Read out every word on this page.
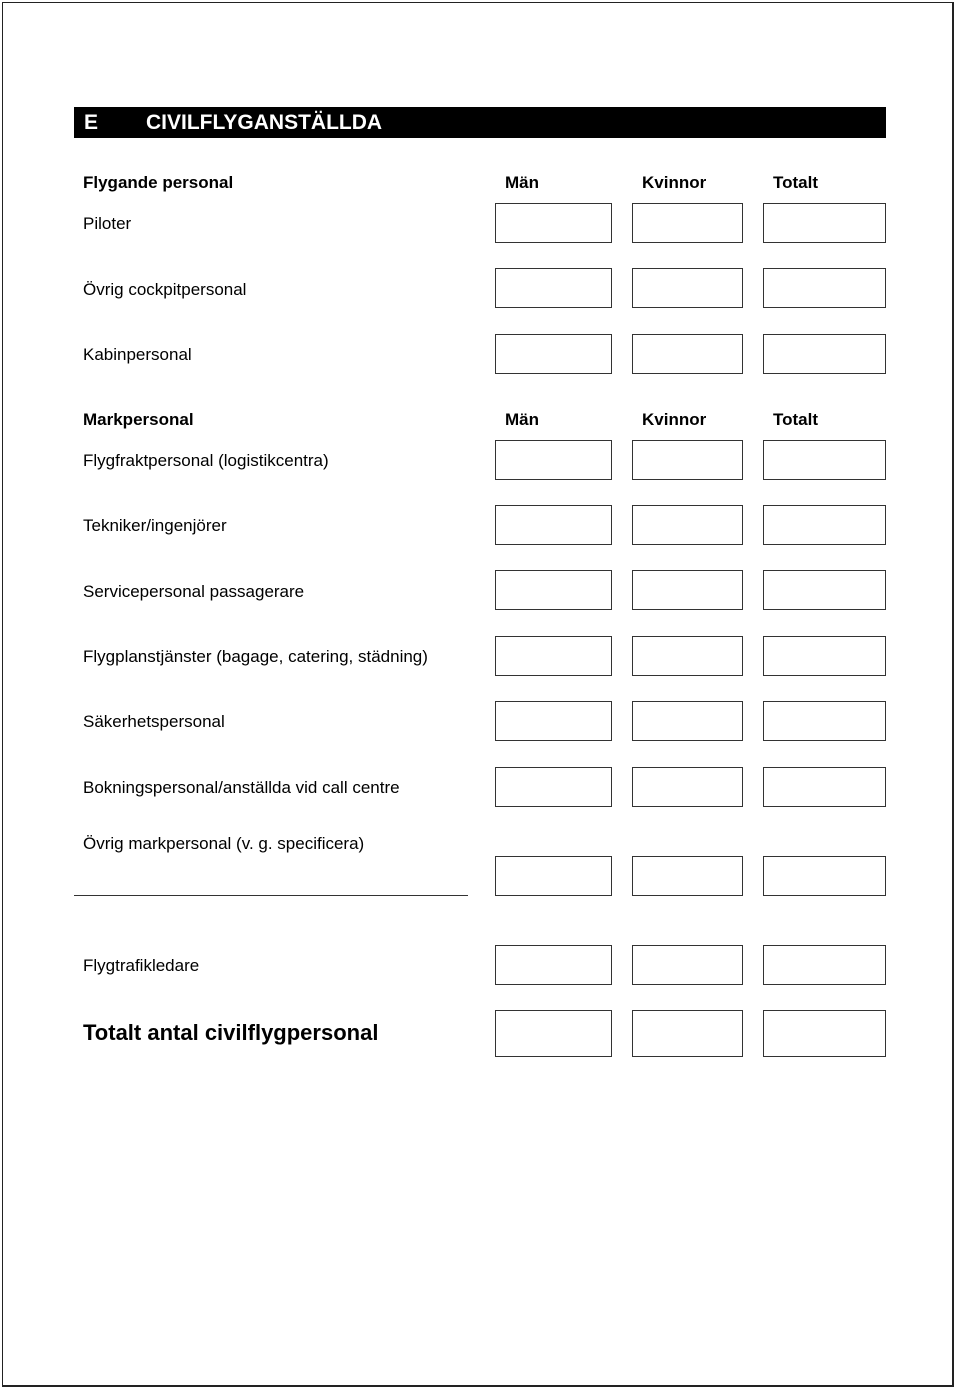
E CIVILFLYGANSTÄLLDA
Flygande personal	Män	Kvinnor	Totalt
Piloter
Övrig cockpitpersonal
Kabinpersonal
Markpersonal	Män	Kvinnor	Totalt
Flygfraktpersonal (logistikcentra)
Tekniker/ingenjörer
Servicepersonal passagerare
Flygplanstjänster (bagage, catering, städning)
Säkerhetspersonal
Bokningspersonal/anställda vid call centre
Övrig markpersonal (v. g. specificera)
Flygtrafikledare
Totalt antal civilflygpersonal
